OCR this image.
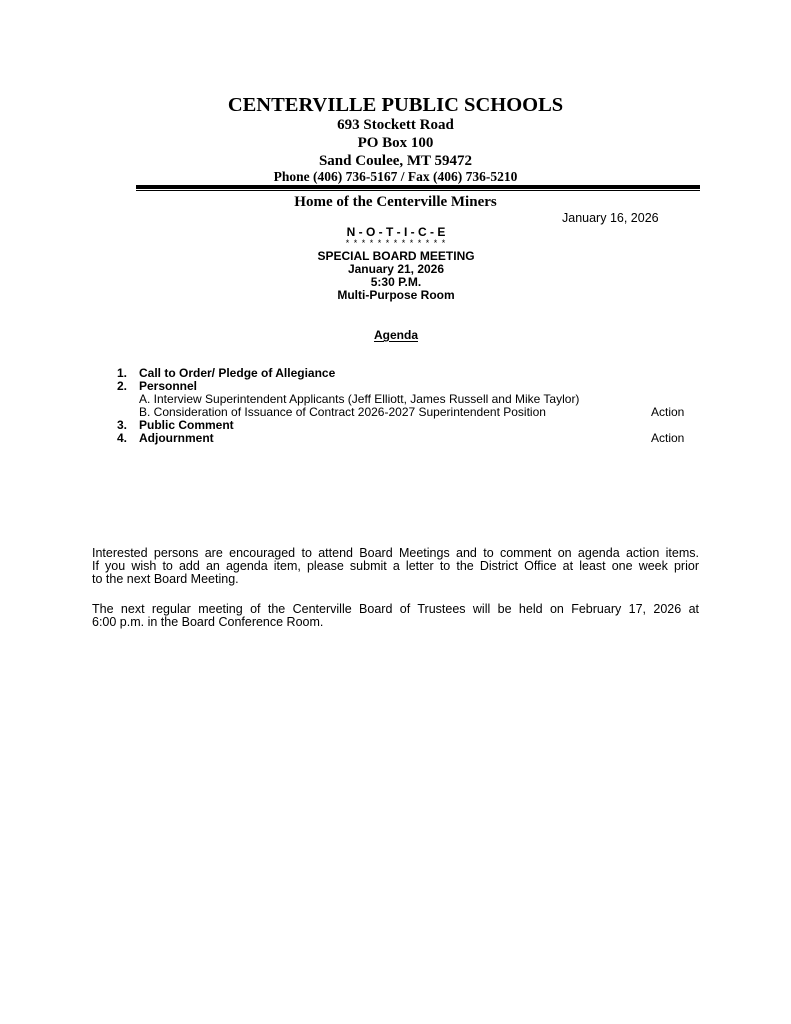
CENTERVILLE PUBLIC SCHOOLS
693 Stockett Road
PO Box 100
Sand Coulee, MT 59472
Phone (406) 736-5167 / Fax (406) 736-5210
Home of the Centerville Miners
January 16, 2026
N - O - T - I - C - E
* * * * * * * * * * * * *
SPECIAL BOARD MEETING
January 21, 2026
5:30 P.M.
Multi-Purpose Room
Agenda
1. Call to Order/ Pledge of Allegiance
2. Personnel
A. Interview Superintendent Applicants (Jeff Elliott, James Russell and Mike Taylor)
B. Consideration of Issuance of Contract 2026-2027 Superintendent Position	Action
3. Public Comment
4. Adjournment	Action
Interested persons are encouraged to attend Board Meetings and to comment on agenda action items.
If you wish to add an agenda item, please submit a letter to the District Office at least one week prior
to the next Board Meeting.
The next regular meeting of the Centerville Board of Trustees will be held on February 17, 2026 at
6:00 p.m. in the Board Conference Room.
